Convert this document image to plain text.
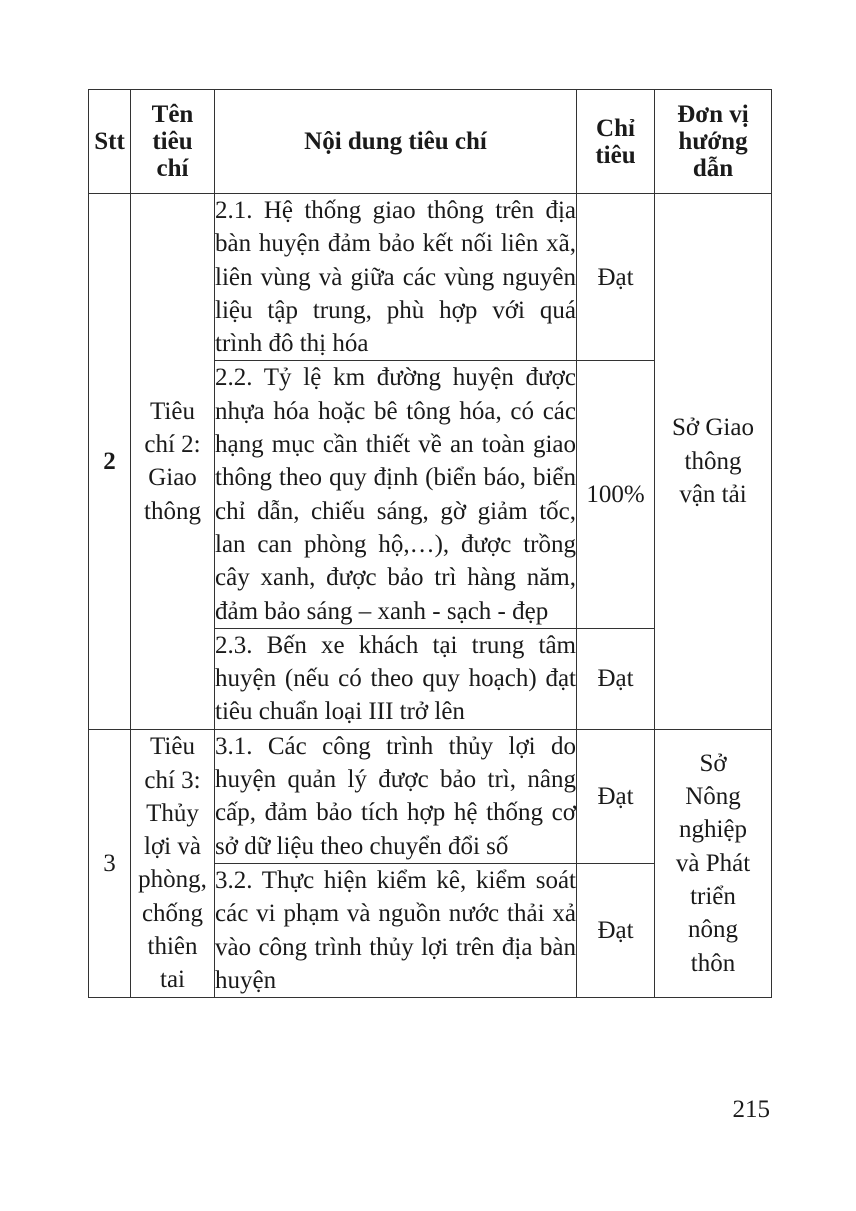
Stt	Tên tiêu chí	Nội dung tiêu chí	Chỉ tiêu	Đơn vị hướng dẫn
2	Tiêu chí 2: Giao thông	2.1. Hệ thống giao thông trên địa bàn huyện đảm bảo kết nối liên xã, liên vùng và giữa các vùng nguyên liệu tập trung, phù hợp với quá trình đô thị hóa	Đạt	Sở Giao thông vận tải
		2.2. Tỷ lệ km đường huyện được nhựa hóa hoặc bê tông hóa, có các hạng mục cần thiết về an toàn giao thông theo quy định (biển báo, biển chỉ dẫn, chiếu sáng, gờ giảm tốc, lan can phòng hộ,…), được trồng cây xanh, được bảo trì hàng năm, đảm bảo sáng – xanh - sạch - đẹp	100%	
		2.3. Bến xe khách tại trung tâm huyện (nếu có theo quy hoạch) đạt tiêu chuẩn loại III trở lên	Đạt	
3	Tiêu chí 3: Thủy lợi và phòng, chống thiên tai	3.1. Các công trình thủy lợi do huyện quản lý được bảo trì, nâng cấp, đảm bảo tích hợp hệ thống cơ sở dữ liệu theo chuyển đổi số	Đạt	Sở Nông nghiệp và Phát triển nông thôn
		3.2. Thực hiện kiểm kê, kiểm soát các vi phạm và nguồn nước thải xả vào công trình thủy lợi trên địa bàn huyện	Đạt	
215
